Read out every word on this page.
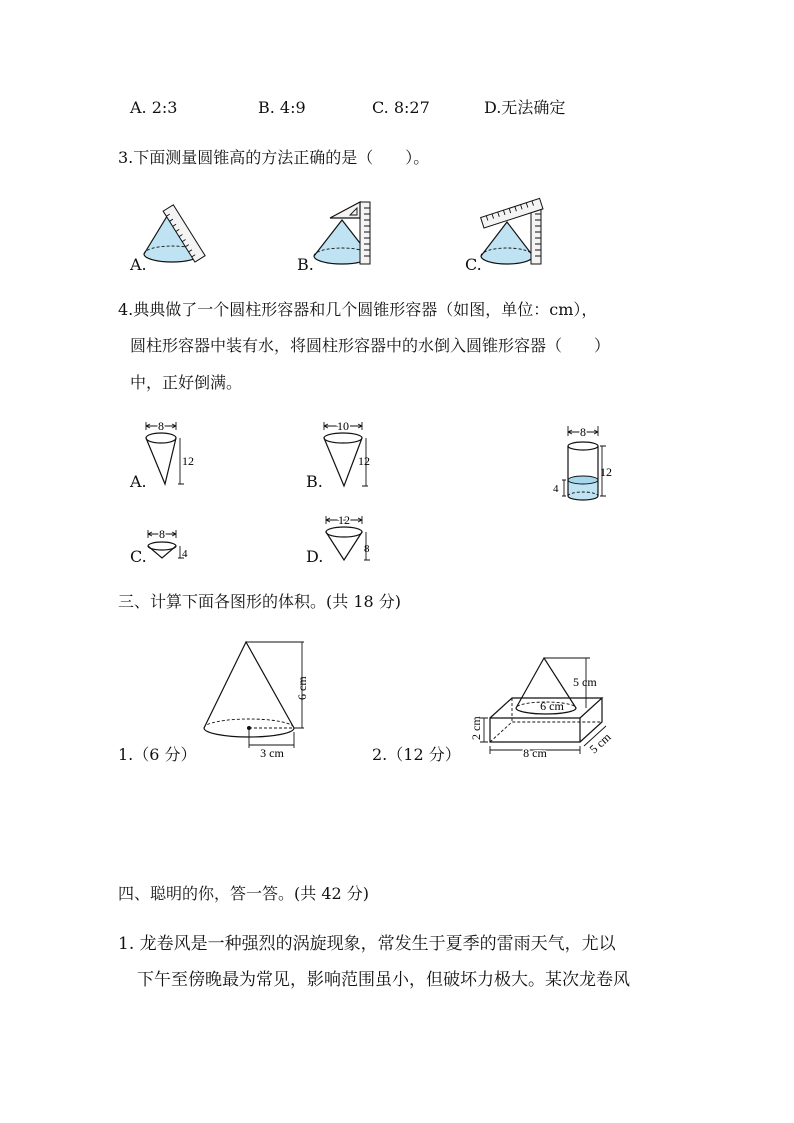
A. 2:3	B. 4:9	C. 8:27	D.无法确定
3.下面测量圆锥高的方法正确的是（　　）。
A.	B.	C.
4.典典做了一个圆柱形容器和几个圆锥形容器（如图，单位：cm），
圆柱形容器中装有水，将圆柱形容器中的水倒入圆锥形容器（　　）
中，正好倒满。
A.	B.
C.	D.
8
12
10
12
8
4
12
8
8
12
4
三、计算下面各图形的体积。(共 18 分)
6 cm
3 cm
1.（6 分）
5 cm
6 cm
2 cm
8 cm	5 cm
2.（12 分）
四、聪明的你，答一答。(共 42 分)
1. 龙卷风是一种强烈的涡旋现象，常发生于夏季的雷雨天气，尤以
下午至傍晚最为常见，影响范围虽小，但破坏力极大。某次龙卷风
